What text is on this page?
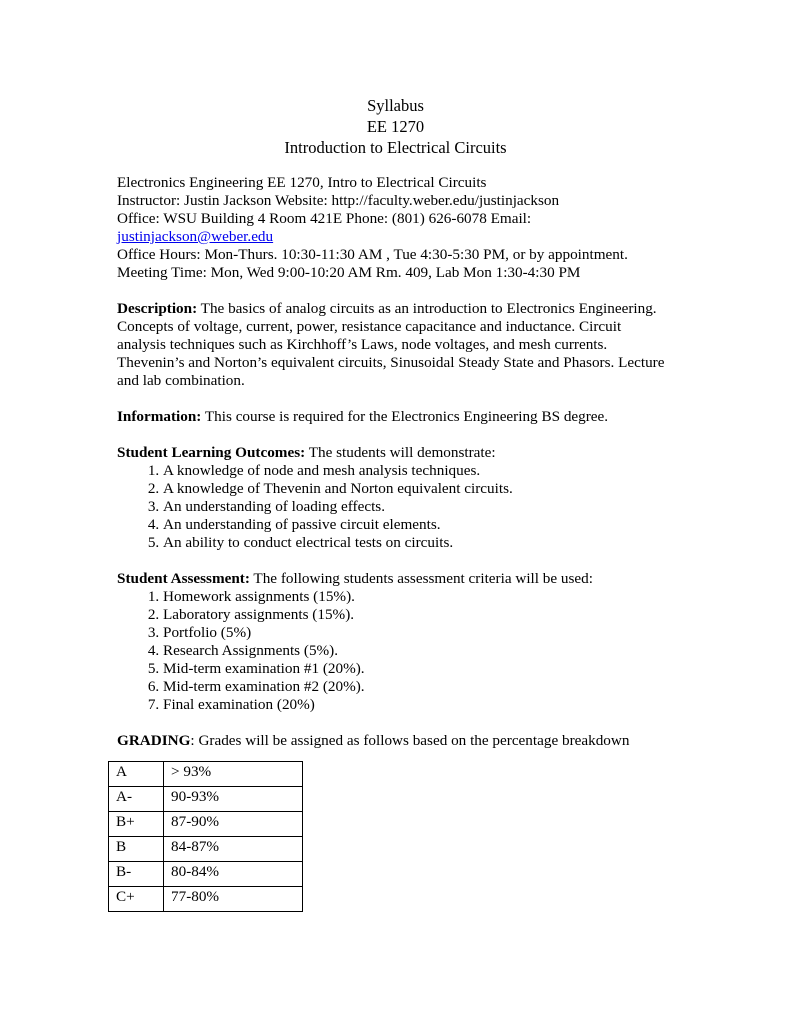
Syllabus
EE 1270
Introduction to Electrical Circuits
Electronics Engineering EE 1270, Intro to Electrical Circuits
Instructor: Justin Jackson Website: http://faculty.weber.edu/justinjackson
Office: WSU Building 4 Room 421E Phone: (801) 626-6078 Email:
justinjackson@weber.edu
Office Hours: Mon-Thurs. 10:30-11:30 AM , Tue 4:30-5:30 PM, or by appointment.
Meeting Time: Mon, Wed 9:00-10:20 AM Rm. 409, Lab Mon 1:30-4:30 PM
Description: The basics of analog circuits as an introduction to Electronics Engineering. Concepts of voltage, current, power, resistance capacitance and inductance. Circuit analysis techniques such as Kirchhoff’s Laws, node voltages, and mesh currents. Thevenin’s and Norton’s equivalent circuits, Sinusoidal Steady State and Phasors. Lecture and lab combination.
Information: This course is required for the Electronics Engineering BS degree.
Student Learning Outcomes: The students will demonstrate:
1. A knowledge of node and mesh analysis techniques.
2. A knowledge of Thevenin and Norton equivalent circuits.
3. An understanding of loading effects.
4. An understanding of passive circuit elements.
5. An ability to conduct electrical tests on circuits.
Student Assessment: The following students assessment criteria will be used:
1. Homework assignments (15%).
2. Laboratory assignments (15%).
3. Portfolio (5%)
4. Research Assignments (5%).
5. Mid-term examination #1 (20%).
6. Mid-term examination #2 (20%).
7. Final examination (20%)
GRADING: Grades will be assigned as follows based on the percentage breakdown
A	> 93%
A-	90-93%
B+	87-90%
B	84-87%
B-	80-84%
C+	77-80%
